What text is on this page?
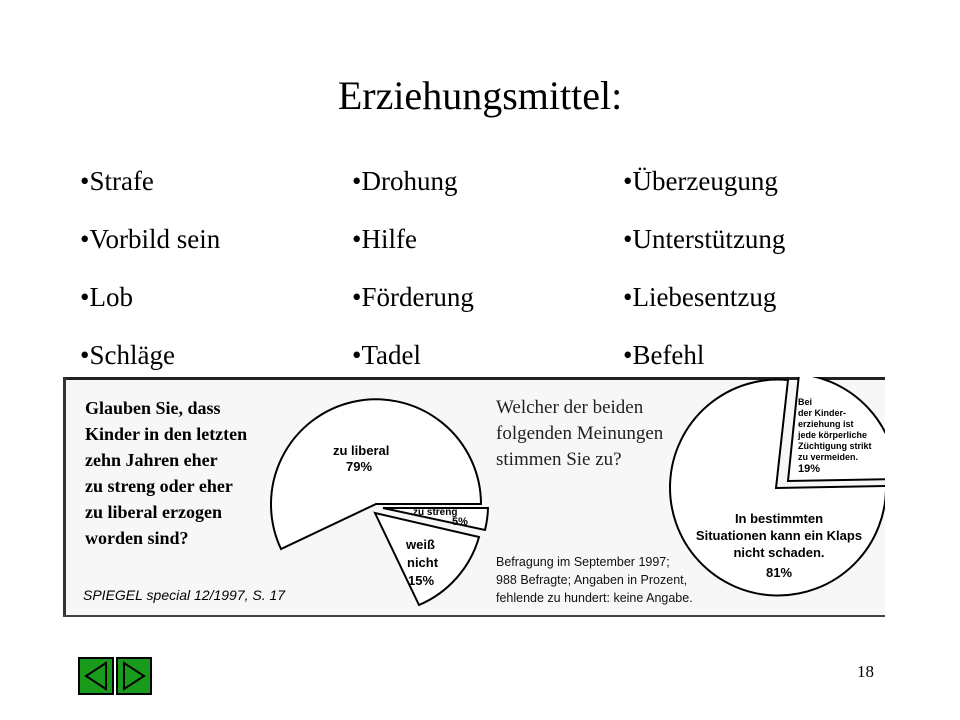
Erziehungsmittel:
•Strafe
•Vorbild sein
•Lob
•Schläge
•Drohung
•Hilfe
•Förderung
•Tadel
•Überzeugung
•Unterstützung
•Liebesentzug
•Befehl
Glauben Sie, dass
Kinder in den letzten
zehn Jahren eher
zu streng oder eher
zu liberal erzogen
worden sind?
SPIEGEL special 12/1997, S. 17
Welcher der beiden
folgenden Meinungen
stimmen Sie zu?
Befragung im September 1997;
988 Befragte; Angaben in Prozent,
fehlende zu hundert: keine Angabe.
zu liberal
79%
zu streng
5%
weiß
nicht
15%
Bei
der Kinder-
erziehung ist
jede körperliche
Züchtigung strikt
zu vermeiden.
19%
In bestimmten
Situationen kann ein Klaps
nicht schaden.
81%
18
